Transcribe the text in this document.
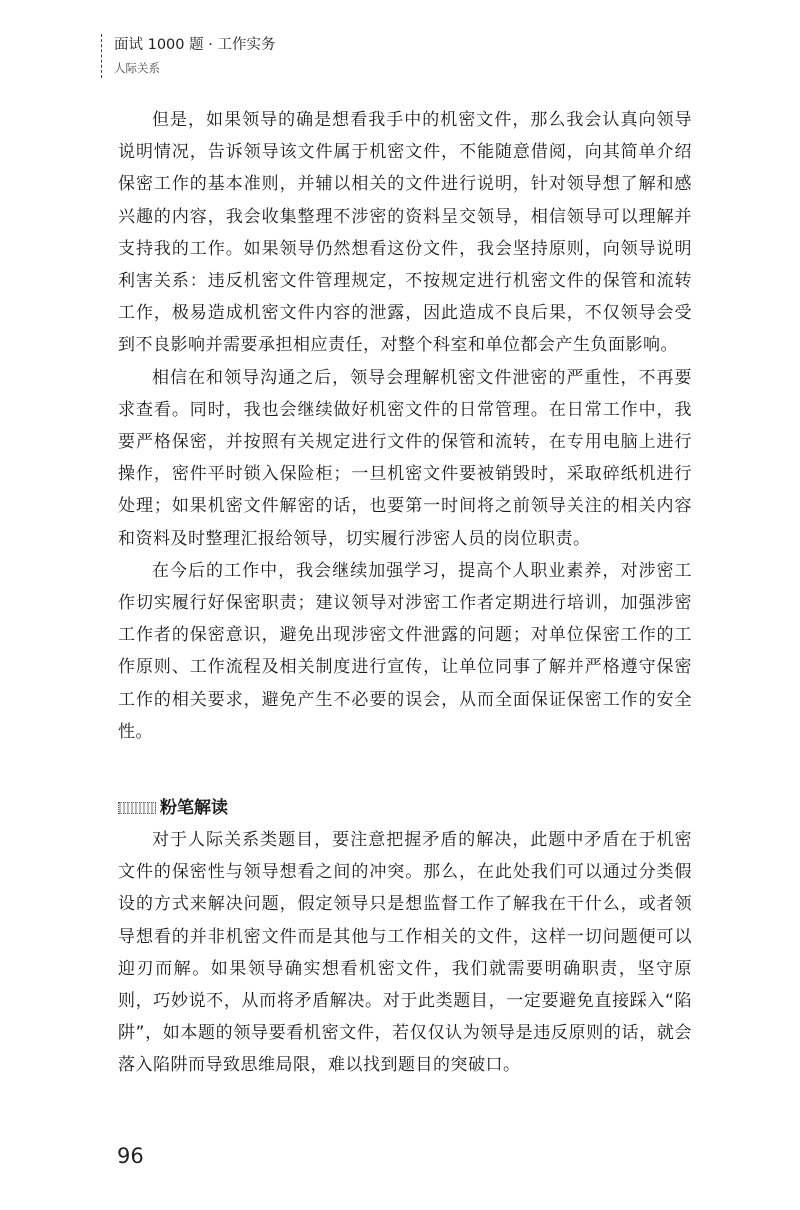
面试 1000 题 · 工作实务
人际关系

但是，如果领导的确是想看我手中的机密文件，那么我会认真向领导说明情况，告诉领导该文件属于机密文件，不能随意借阅，向其简单介绍保密工作的基本准则，并辅以相关的文件进行说明，针对领导想了解和感兴趣的内容，我会收集整理不涉密的资料呈交领导，相信领导可以理解并支持我的工作。如果领导仍然想看这份文件，我会坚持原则，向领导说明利害关系：违反机密文件管理规定，不按规定进行机密文件的保管和流转工作，极易造成机密文件内容的泄露，因此造成不良后果，不仅领导会受到不良影响并需要承担相应责任，对整个科室和单位都会产生负面影响。

相信在和领导沟通之后，领导会理解机密文件泄密的严重性，不再要求查看。同时，我也会继续做好机密文件的日常管理。在日常工作中，我要严格保密，并按照有关规定进行文件的保管和流转，在专用电脑上进行操作，密件平时锁入保险柜；一旦机密文件要被销毁时，采取碎纸机进行处理；如果机密文件解密的话，也要第一时间将之前领导关注的相关内容和资料及时整理汇报给领导，切实履行涉密人员的岗位职责。

在今后的工作中，我会继续加强学习，提高个人职业素养，对涉密工作切实履行好保密职责；建议领导对涉密工作者定期进行培训，加强涉密工作者的保密意识，避免出现涉密文件泄露的问题；对单位保密工作的工作原则、工作流程及相关制度进行宣传，让单位同事了解并严格遵守保密工作的相关要求，避免产生不必要的误会，从而全面保证保密工作的安全性。

粉笔解读

对于人际关系类题目，要注意把握矛盾的解决，此题中矛盾在于机密文件的保密性与领导想看之间的冲突。那么，在此处我们可以通过分类假设的方式来解决问题，假定领导只是想监督工作了解我在干什么，或者领导想看的并非机密文件而是其他与工作相关的文件，这样一切问题便可以迎刃而解。如果领导确实想看机密文件，我们就需要明确职责，坚守原则，巧妙说不，从而将矛盾解决。对于此类题目，一定要避免直接踩入“陷阱”，如本题的领导要看机密文件，若仅仅认为领导是违反原则的话，就会落入陷阱而导致思维局限，难以找到题目的突破口。

96
